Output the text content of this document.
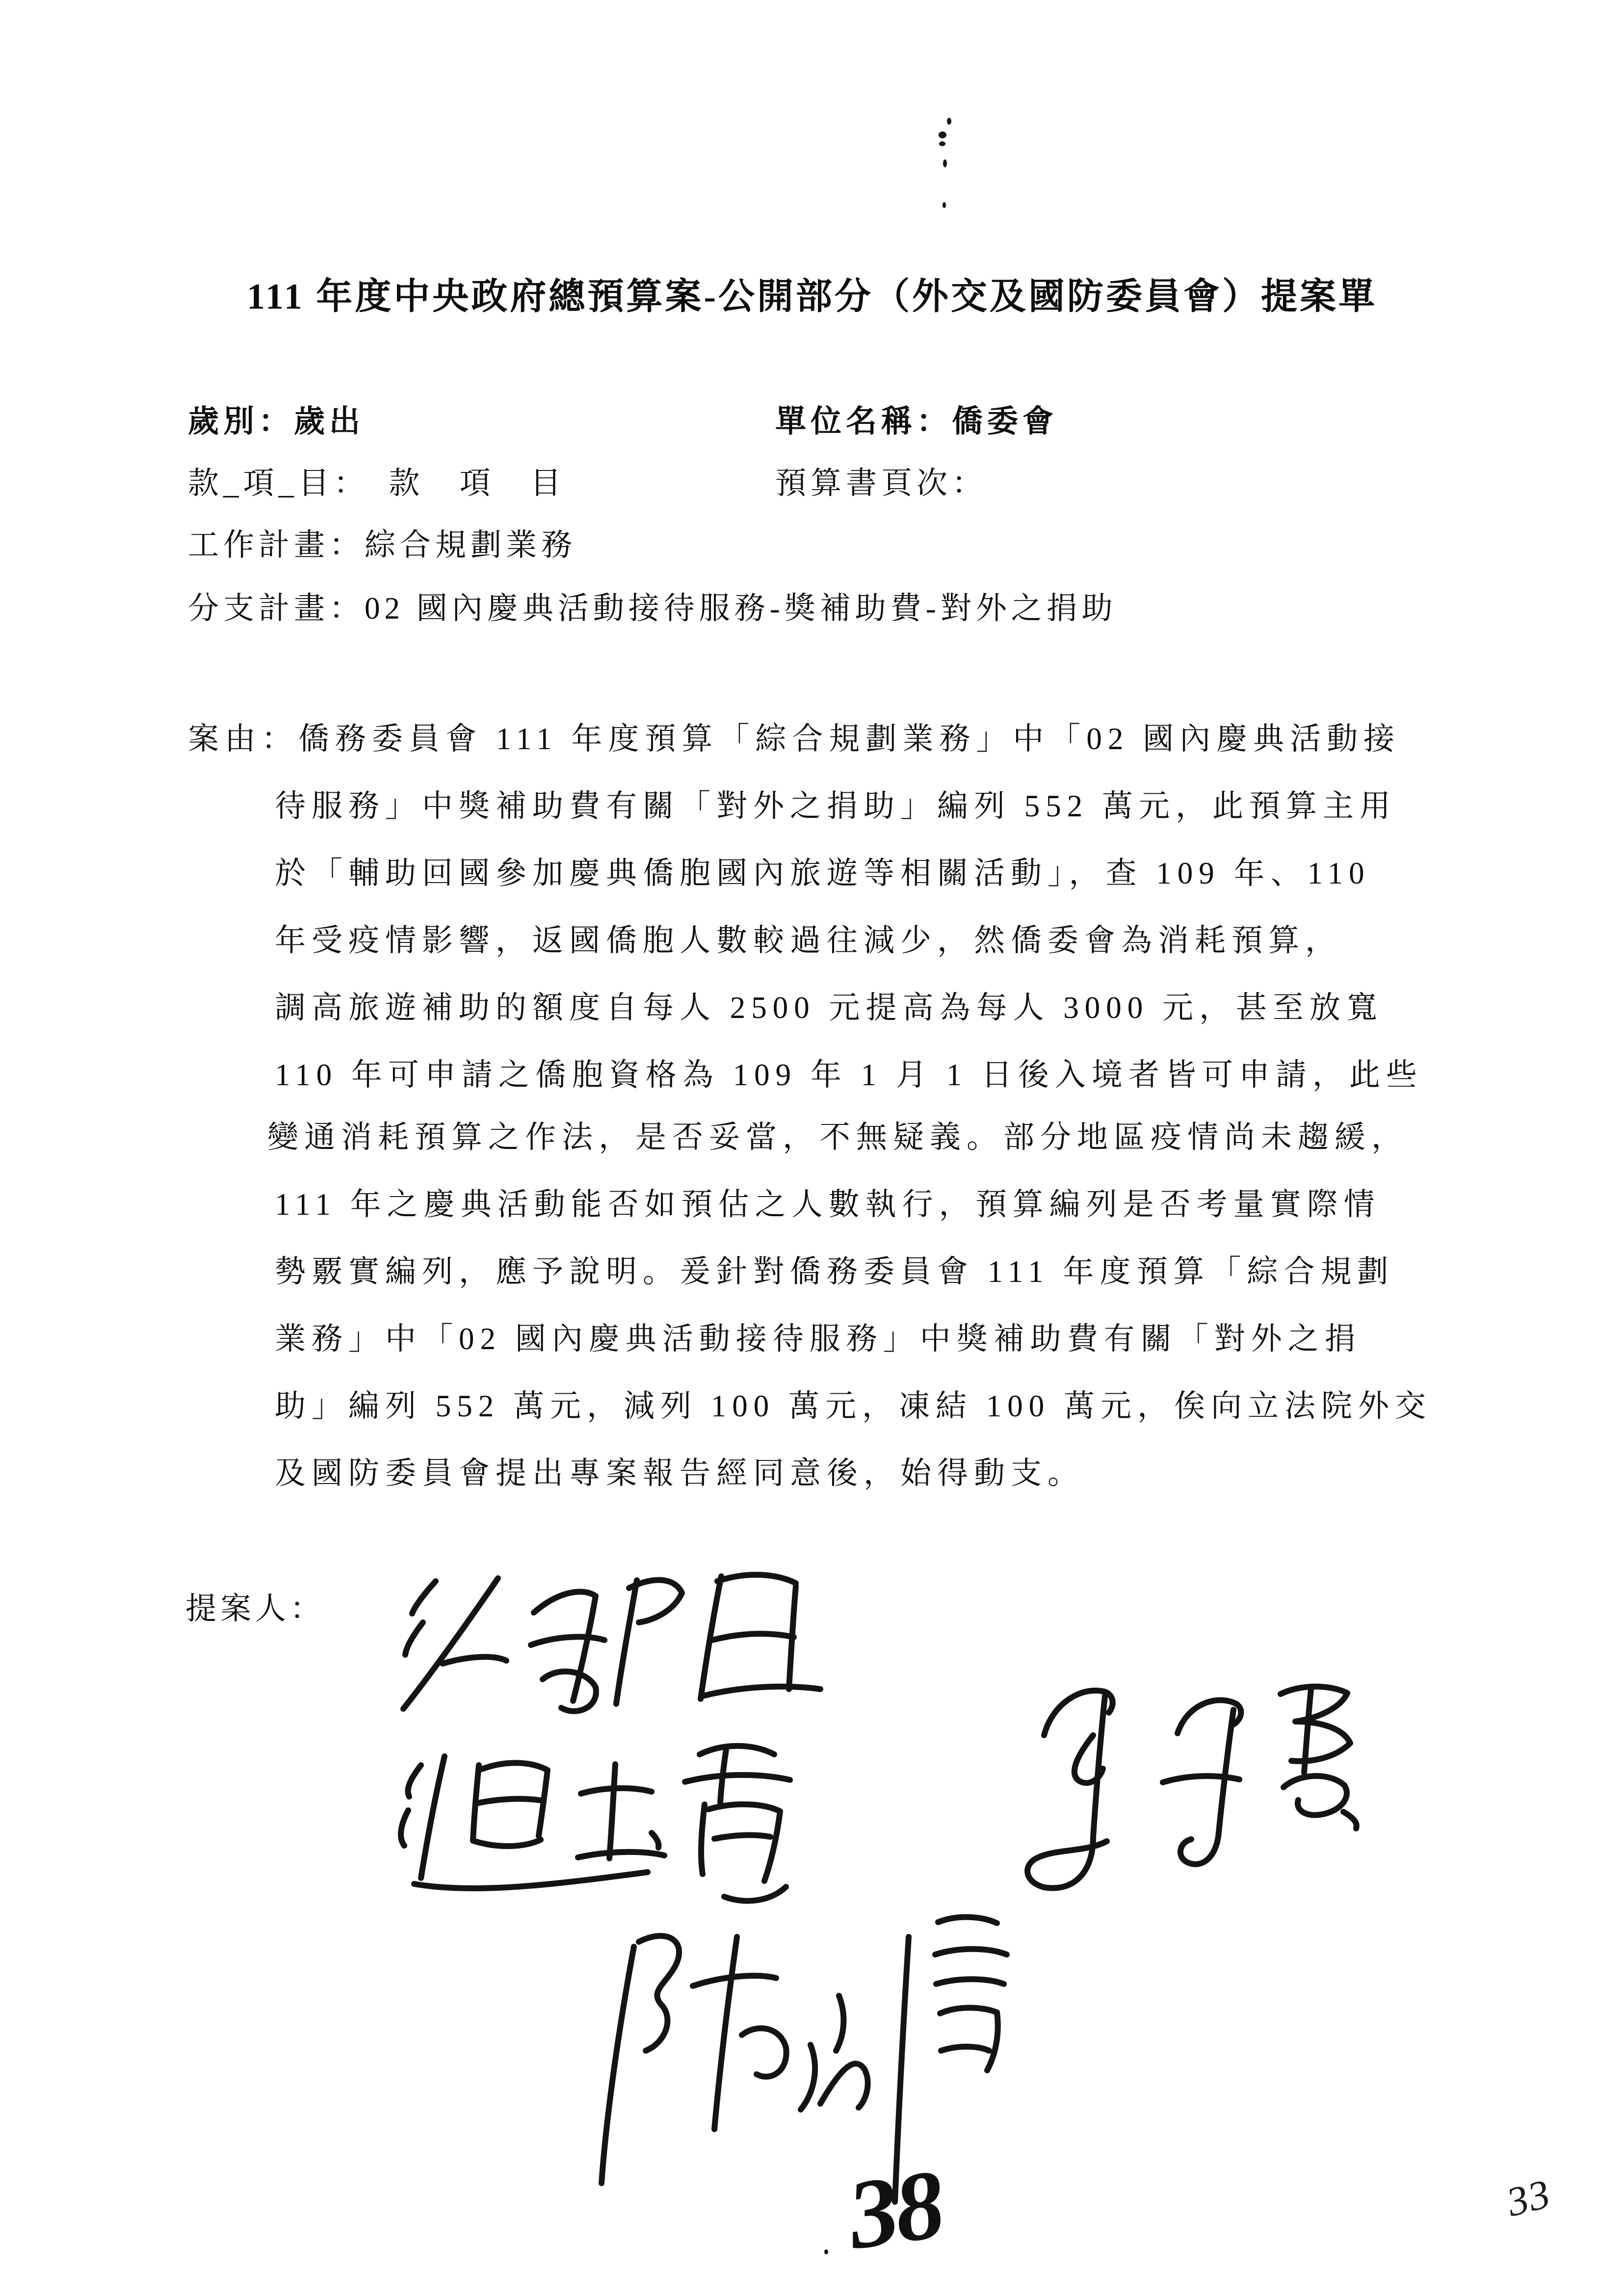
111 年度中央政府總預算案-公開部分（外交及國防委員會）提案單
歲別：歲出	單位名稱：僑委會
款_項_目：　 款　項　目	預算書頁次：
工作計畫：綜合規劃業務
分支計畫：02 國內慶典活動接待服務-獎補助費-對外之捐助
案由：僑務委員會 111 年度預算「綜合規劃業務」中「02 國內慶典活動接
待服務」中獎補助費有關「對外之捐助」編列 552 萬元，此預算主用
於「輔助回國參加慶典僑胞國內旅遊等相關活動」，查 109 年、110
年受疫情影響，返國僑胞人數較過往減少，然僑委會為消耗預算，
調高旅遊補助的額度自每人 2500 元提高為每人 3000 元，甚至放寬
110 年可申請之僑胞資格為 109 年 1 月 1 日後入境者皆可申請，此些
變通消耗預算之作法，是否妥當，不無疑義。部分地區疫情尚未趨緩，
111 年之慶典活動能否如預估之人數執行，預算編列是否考量實際情
勢覈實編列，應予說明。爰針對僑務委員會 111 年度預算「綜合規劃
業務」中「02 國內慶典活動接待服務」中獎補助費有關「對外之捐
助」編列 552 萬元，減列 100 萬元，凍結 100 萬元，俟向立法院外交
及國防委員會提出專案報告經同意後，始得動支。
提案人：
38	33
